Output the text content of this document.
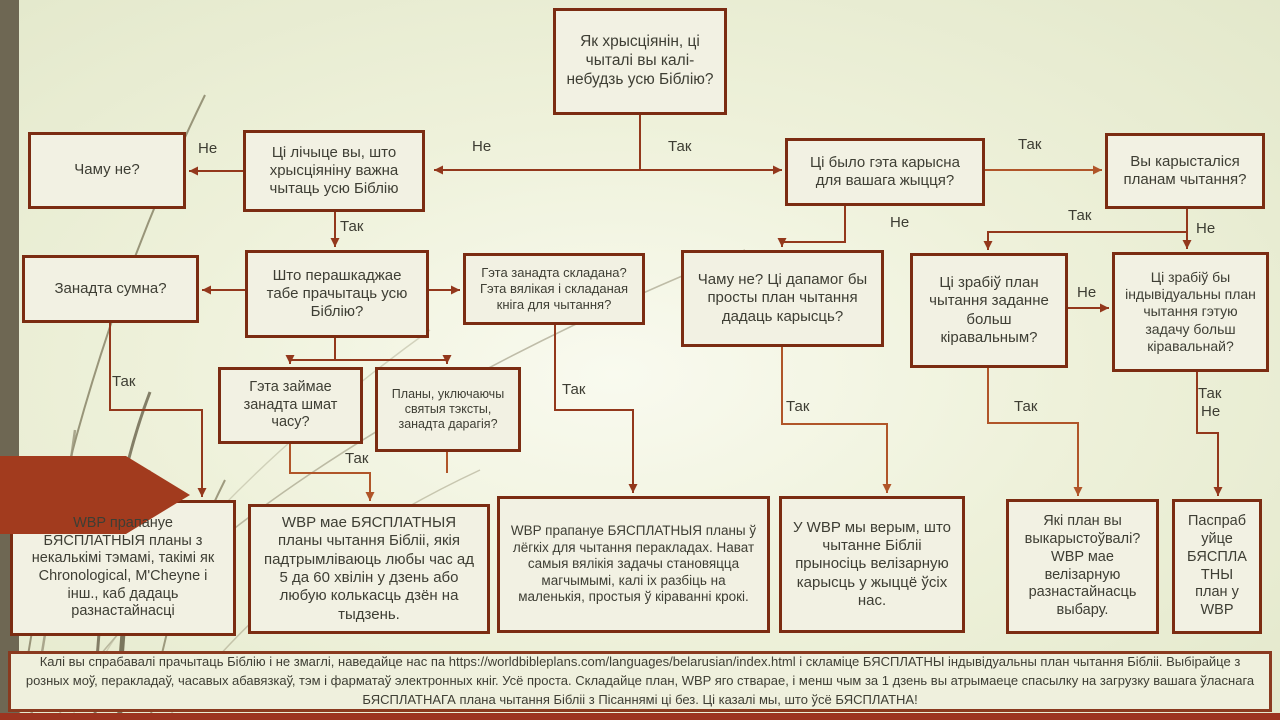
Як хрысціянін, ці чыталі вы калі-небудзь усю Біблію?
Чаму не?
Ці лічыце вы, што хрысціяніну важна чытаць усю Біблію
Ці было гэта карысна для вашага жыцця?
Вы карысталіся планам чытання?
Занадта сумна?
Што перашкаджае табе прачытаць усю Біблію?
Гэта занадта складана? Гэта вялікая і складаная кніга для чытання?
Чаму не? Ці дапамог бы просты план чытання дадаць карысць?
Ці зрабіў план чытання заданне больш кіравальным?
Ці зрабіў бы індывідуальны план чытання гэтую задачу больш кіравальнай?
Гэта займае занадта шмат часу?
Планы, уключаючы святыя тэксты, занадта дарагія?
WBP прапануе БЯСПЛАТНЫЯ планы з некалькімі тэмамі, такімі як Chronological, M'Cheyne і інш., каб дадаць разнастайнасці
WBP мае БЯСПЛАТНЫЯ планы чытання Бібліі, якія падтрымліваюць любы час ад 5 да 60 хвілін у дзень або любую колькасць дзён на тыдзень.
WBP прапануе БЯСПЛАТНЫЯ планы ў лёгкіх для чытання перакладах. Нават самыя вялікія задачы становяцца магчымымі, калі іх разбіць на маленькія, простыя ў кіраванні крокі.
У WBP мы верым, што чытанне Бібліі прыносіць велізарную карысць у жыццё ўсіх нас.
Які план вы выкарыстоўвалі? WBP мае велізарную разнастайнасць выбару.
Паспрабуйце БЯСПЛАТНЫ план у WBP
Не	Так
Не
Так
Так
Не	Так
Не
Так
Так
Так
Так
Не
Так
Так
Не
Калі вы спрабавалі прачытаць Біблію і не змаглі, наведайце нас па https://worldbibleplans.com/languages/belarusian/index.html і скламіце БЯСПЛАТНЫ індывідуальны план чытання Бібліі. Выбірайце з розных моў, перакладаў, часавых абавязкаў, тэм і фарматаў электронных кніг. Усё проста. Складайце план, WBP яго стварае, і менш чым за 1 дзень вы атрымаеце спасылку на загрузку вашага ўласнага БЯСПЛАТНАГА плана чытання Бібліі з Пісаннямі ці без. Ці казалі мы, што ўсё БЯСПЛАТНА!
